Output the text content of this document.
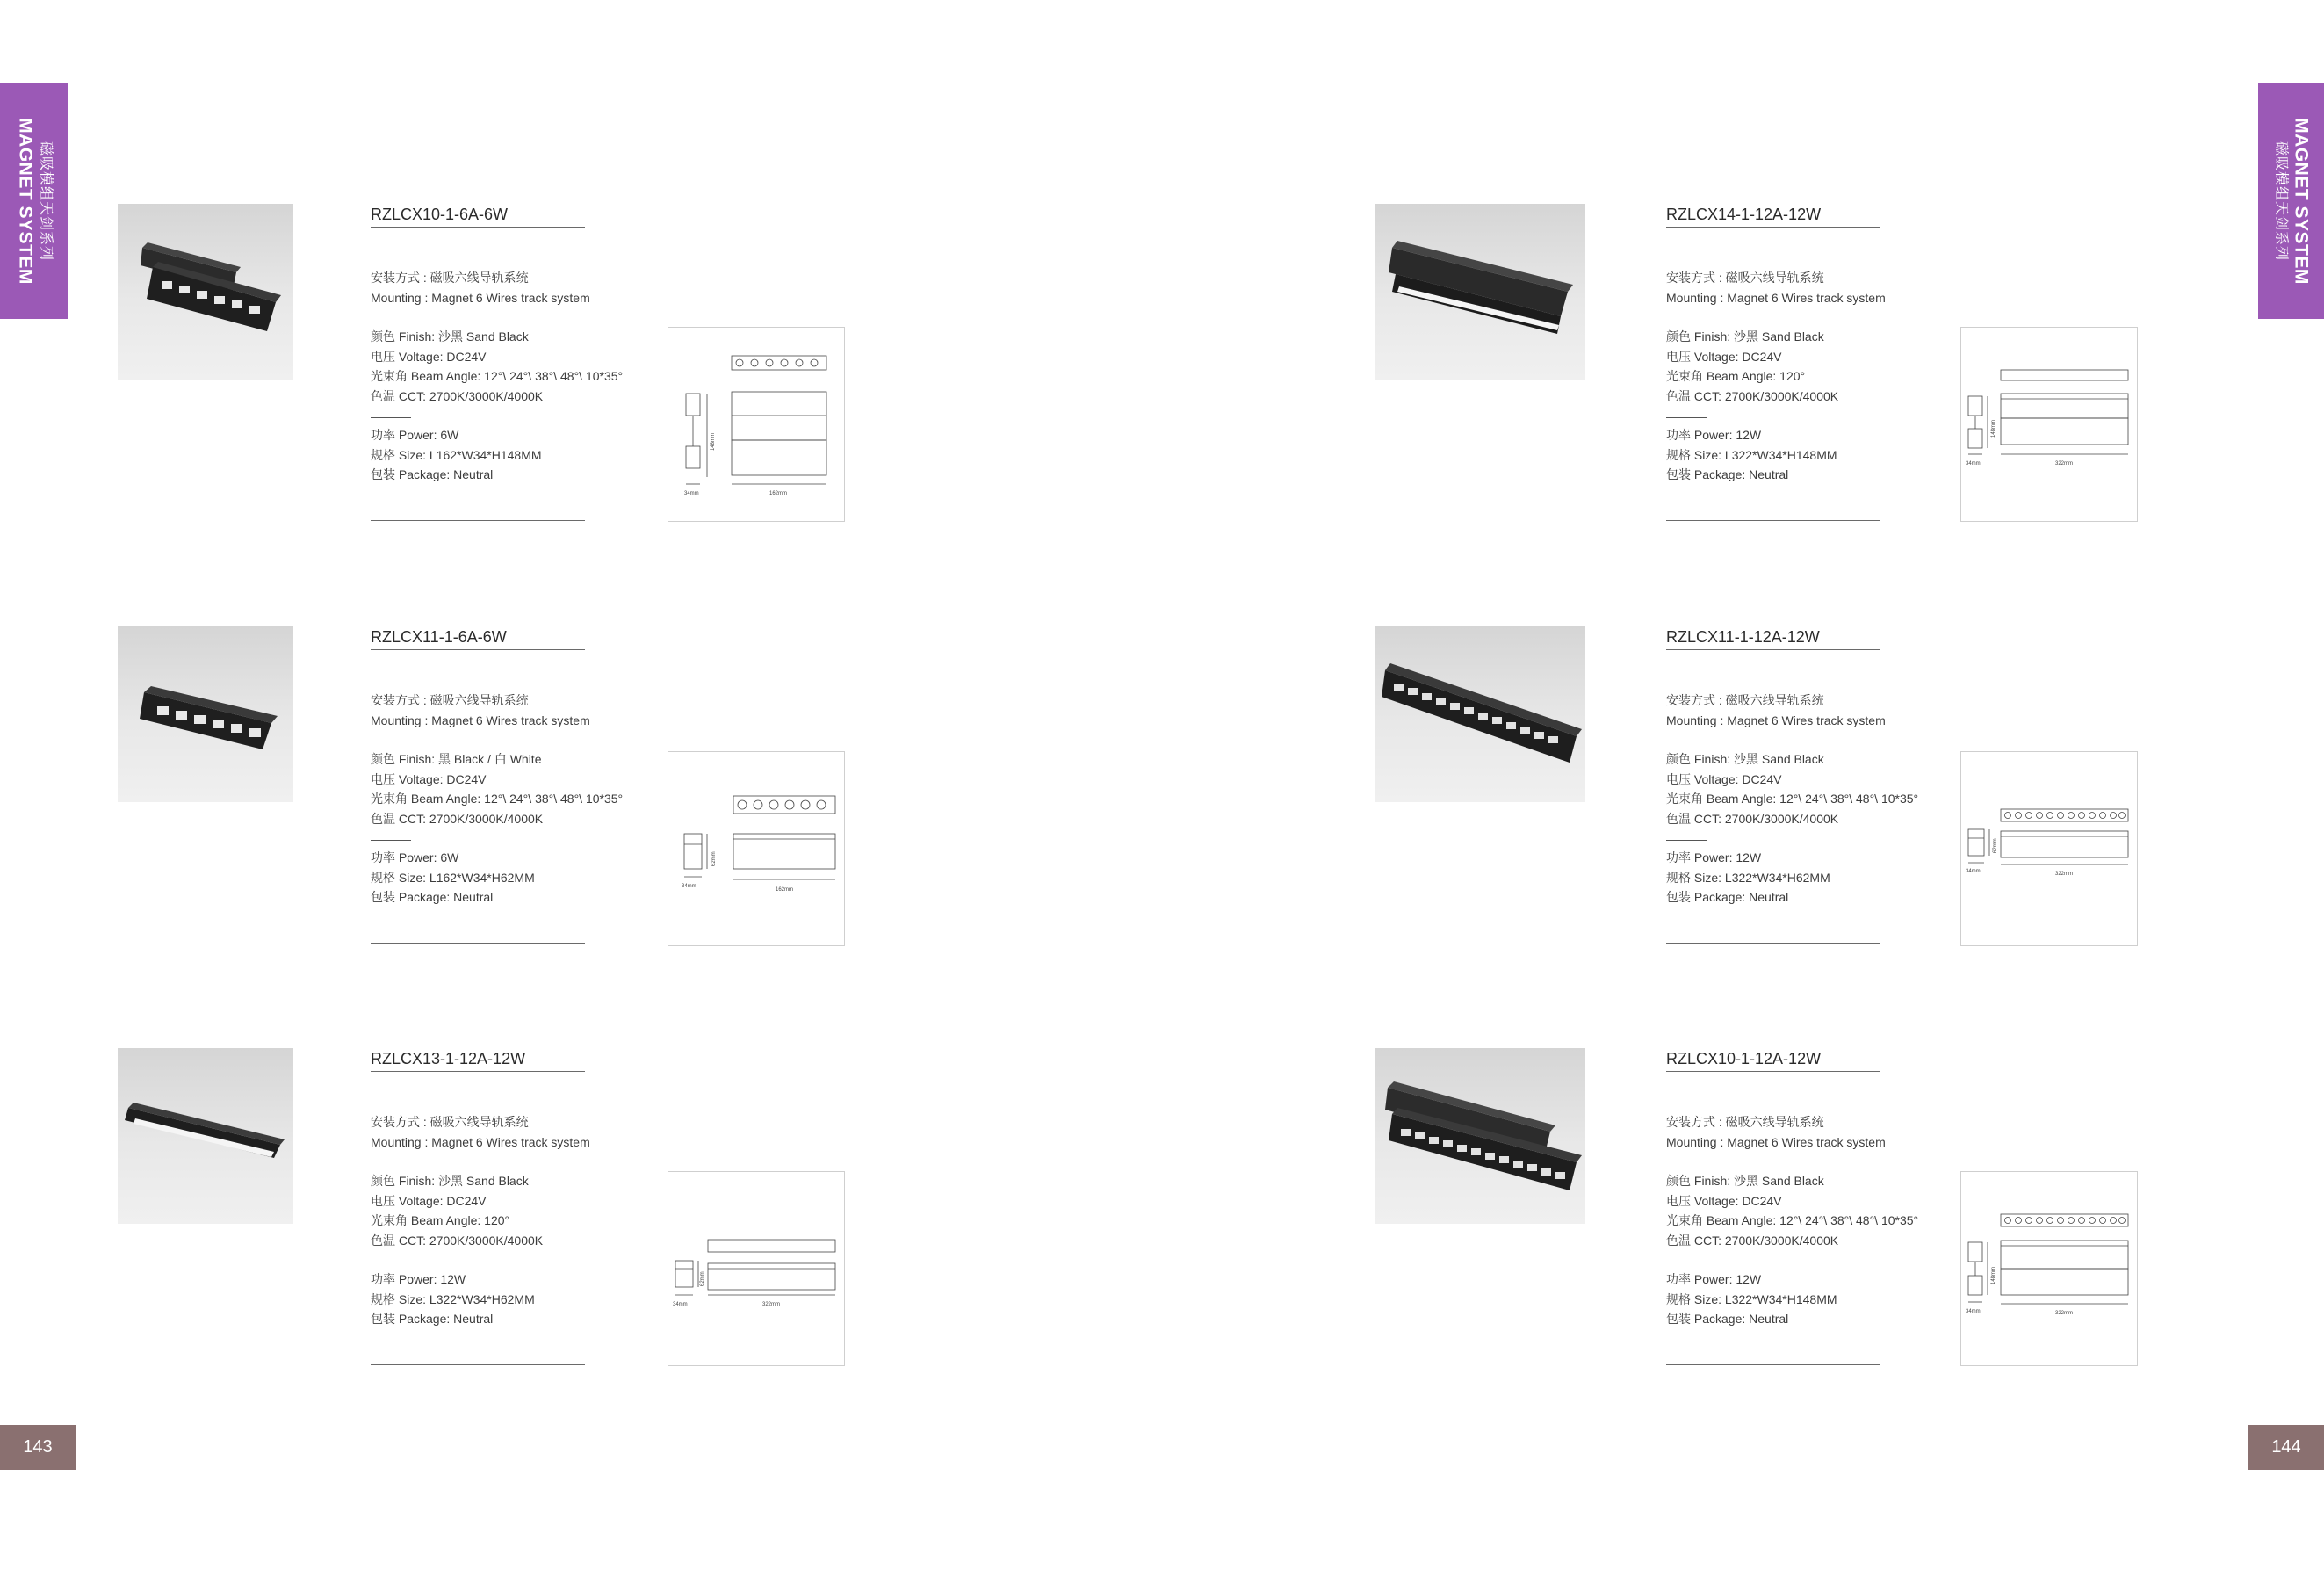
MAGNET SYSTEM 磁吸模组天剑系列	MAGNET SYSTEM
磁吸模组天剑系列
143	144
RZLCX10-1-6A-6W
安装方式 : 磁吸六线导轨系统
Mounting : Magnet 6 Wires track system
颜色 Finish: 沙黑 Sand Black
电压 Voltage: DC24V
光束角 Beam Angle: 12°\ 24°\ 38°\ 48°\ 10*35°
色温 CCT: 2700K/3000K/4000K
功率 Power: 6W
规格 Size: L162*W34*H148MM
包装 Package: Neutral
34mm	162mm
148mm
RZLCX11-1-6A-6W
安装方式 : 磁吸六线导轨系统
Mounting : Magnet 6 Wires track system
颜色 Finish: 黑 Black / 白 White
电压 Voltage: DC24V
光束角 Beam Angle: 12°\ 24°\ 38°\ 48°\ 10*35°
色温 CCT: 2700K/3000K/4000K
功率 Power: 6W
规格 Size: L162*W34*H62MM
包装 Package: Neutral
34mm
162mm
62mm
RZLCX13-1-12A-12W
安装方式 : 磁吸六线导轨系统
Mounting : Magnet 6 Wires track system
颜色 Finish: 沙黑 Sand Black
电压 Voltage: DC24V
光束角 Beam Angle: 120°
色温 CCT: 2700K/3000K/4000K
功率 Power: 12W
规格 Size: L322*W34*H62MM
包装 Package: Neutral
34mm	322mm
62mm
RZLCX14-1-12A-12W
安装方式 : 磁吸六线导轨系统
Mounting : Magnet 6 Wires track system
颜色 Finish: 沙黑 Sand Black
电压 Voltage: DC24V
光束角 Beam Angle: 120°
色温 CCT: 2700K/3000K/4000K
功率 Power: 12W
规格 Size: L322*W34*H148MM
包装 Package: Neutral
34mm	322mm
148mm
RZLCX11-1-12A-12W
安装方式 : 磁吸六线导轨系统
Mounting : Magnet 6 Wires track system
颜色 Finish: 沙黑 Sand Black
电压 Voltage: DC24V
光束角 Beam Angle: 12°\ 24°\ 38°\ 48°\ 10*35°
色温 CCT: 2700K/3000K/4000K
功率 Power: 12W
规格 Size: L322*W34*H62MM
包装 Package: Neutral
34mm	322mm
62mm
RZLCX10-1-12A-12W
安装方式 : 磁吸六线导轨系统
Mounting : Magnet 6 Wires track system
颜色 Finish: 沙黑 Sand Black
电压 Voltage: DC24V
光束角 Beam Angle: 12°\ 24°\ 38°\ 48°\ 10*35°
色温 CCT: 2700K/3000K/4000K
功率 Power: 12W
规格 Size: L322*W34*H148MM
包装 Package: Neutral	34mm	322mm
148mm
